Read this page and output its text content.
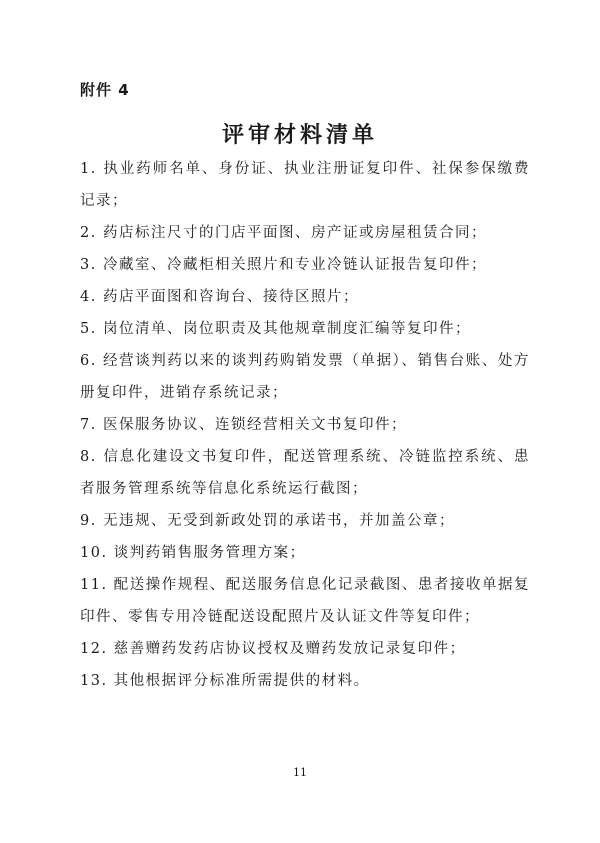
附件 4
评审材料清单
1. 执业药师名单、身份证、执业注册证复印件、社保参保缴费记录；
2. 药店标注尺寸的门店平面图、房产证或房屋租赁合同；
3. 冷藏室、冷藏柜相关照片和专业冷链认证报告复印件；
4. 药店平面图和咨询台、接待区照片；
5. 岗位清单、岗位职责及其他规章制度汇编等复印件；
6. 经营谈判药以来的谈判药购销发票（单据）、销售台账、处方册复印件，进销存系统记录；
7. 医保服务协议、连锁经营相关文书复印件；
8. 信息化建设文书复印件，配送管理系统、冷链监控系统、患者服务管理系统等信息化系统运行截图；
9. 无违规、无受到新政处罚的承诺书，并加盖公章；
10. 谈判药销售服务管理方案；
11. 配送操作规程、配送服务信息化记录截图、患者接收单据复印件、零售专用冷链配送设配照片及认证文件等复印件；
12. 慈善赠药发药店协议授权及赠药发放记录复印件；
13. 其他根据评分标准所需提供的材料。
11
